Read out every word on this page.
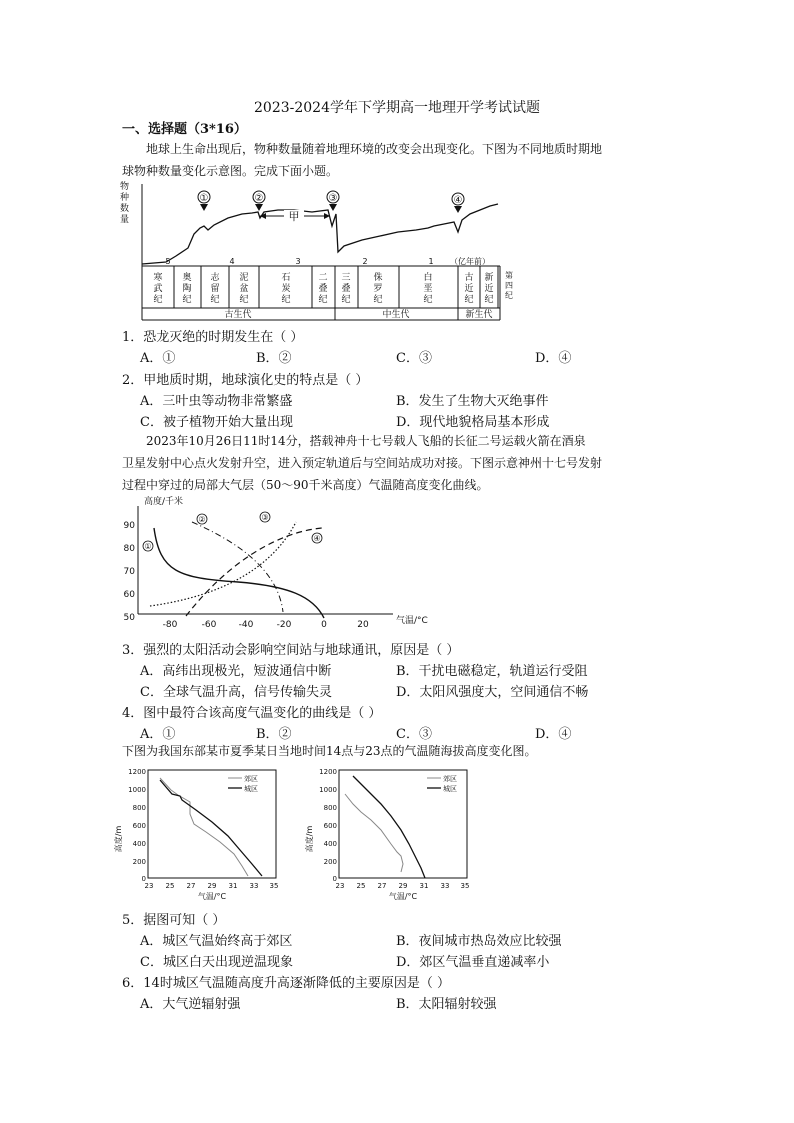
2023-2024学年下学期高一地理开学考试试题
一、选择题（3*16）
地球上生命出现后，物种数量随着地理环境的改变会出现变化。下图为不同地质时期地
球物种数量变化示意图。完成下面小题。
物
种
数
量
①	②	③	④
甲
5	4	3	2	1 （亿年前）
寒
武
纪
奥
陶
纪
志
留
纪
泥
盆
纪
石
炭
纪
二
叠
纪
三
叠
纪
侏
罗
纪
白
垩
纪
古
近
纪
新
近
纪
第
四
纪
古生代	中生代	新生代
1．恐龙灭绝的时期发生在（ ）
A．①	B．②	C．③	D．④
2．甲地质时期，地球演化史的特点是（ ）
A．三叶虫等动物非常繁盛	B．发生了生物大灭绝事件
C．被子植物开始大量出现	D．现代地貌格局基本形成
2023年10月26日11时14分，搭载神舟十七号载人飞船的长征二号运载火箭在酒泉
卫星发射中心点火发射升空，进入预定轨道后与空间站成功对接。下图示意神州十七号发射
过程中穿过的局部大气层（50～90千米高度）气温随高度变化曲线。
高度/千米
90
80
70
60
50
-80	-60 -40	-20	0	20	气温/°C
①
②	③
④
3．强烈的太阳活动会影响空间站与地球通讯，原因是（ ）
A．高纬出现极光，短波通信中断	B．干扰电磁稳定，轨道运行受阻
C．全球气温升高，信号传输失灵	D．太阳风强度大，空间通信不畅
4．图中最符合该高度气温变化的曲线是（ ）
A．①	B．②	C．③	D．④
下图为我国东部某市夏季某日当地时间14点与23点的气温随海拔高度变化图。
高度/m
1200
1000
800
600
400
200
0
23 25 27 29 31 33 35
气温/°C
郊区
城区
高度/m
1200
1000
800
600
400
200
0
23 25 27 29 31 33 35
气温/°C
郊区
城区
5．据图可知（ ）
A．城区气温始终高于郊区	B．夜间城市热岛效应比较强
C．城区白天出现逆温现象	D．郊区气温垂直递减率小
6．14时城区气温随高度升高逐渐降低的主要原因是（ ）
A．大气逆辐射强	B．太阳辐射较强
